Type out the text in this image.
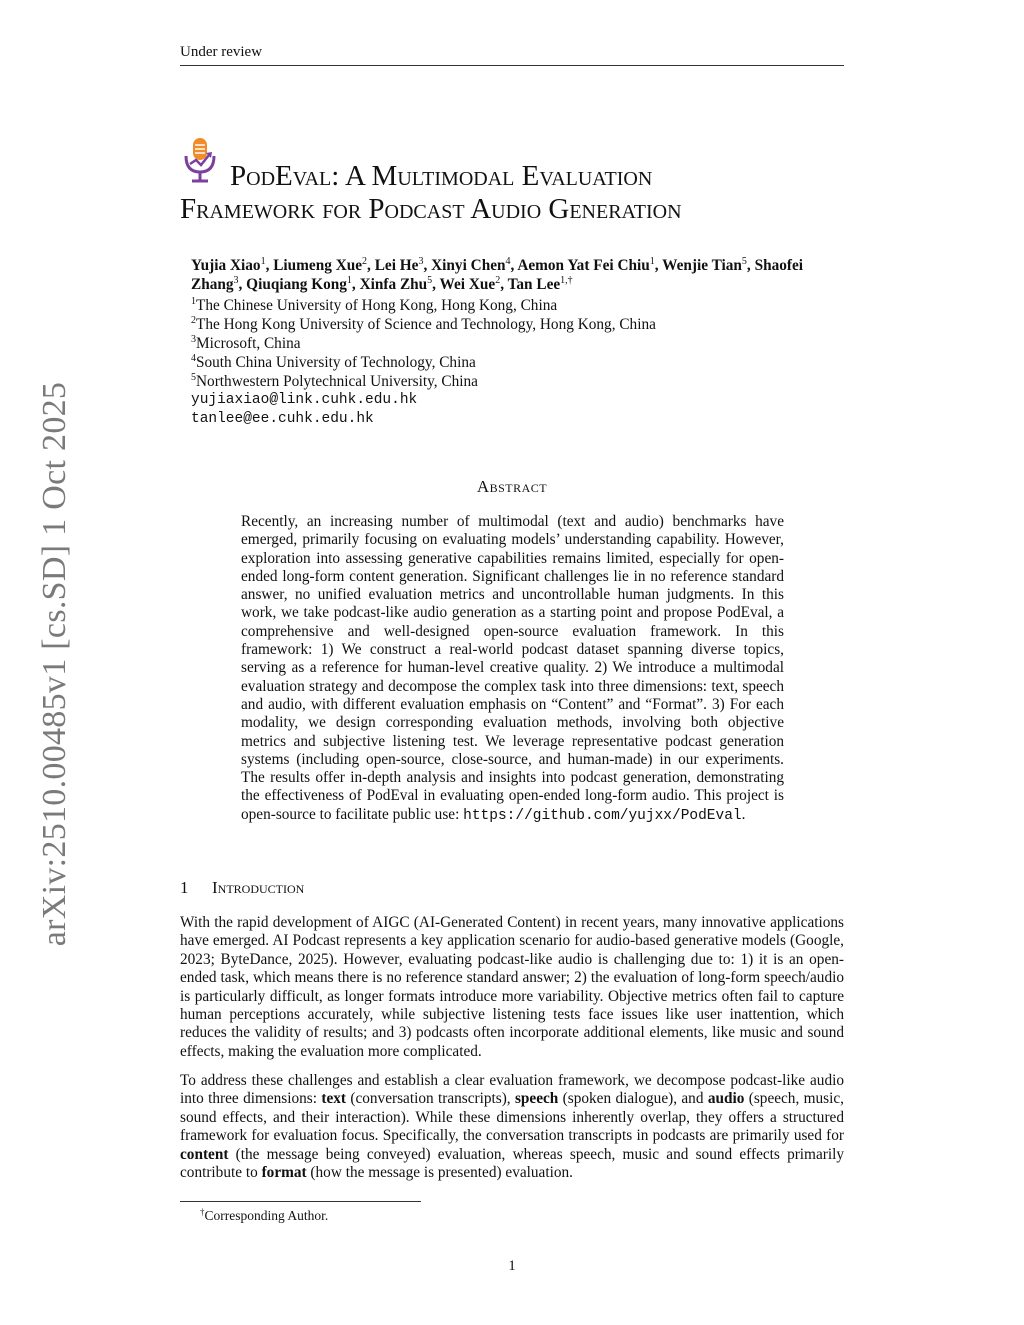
Under review
arXiv:2510.00485v1 [cs.SD] 1 Oct 2025
PodEval: A Multimodal Evaluation
Framework for Podcast Audio Generation
Yujia Xiao$^1$, Liumeng Xue$^2$, Lei He$^3$, Xinyi Chen$^4$, Aemon Yat Fei Chiu$^1$, Wenjie Tian$^5$, Shaofei Zhang$^3$, Qiuqiang Kong$^1$, Xinfa Zhu$^5$, Wei Xue$^2$, Tan Lee$^{1,\dagger}$
$^1$The Chinese University of Hong Kong, Hong Kong, China
$^2$The Hong Kong University of Science and Technology, Hong Kong, China
$^3$Microsoft, China
$^4$South China University of Technology, China
$^5$Northwestern Polytechnical University, China
yujiaxiao@link.cuhk.edu.hk
tanlee@ee.cuhk.edu.hk
Abstract
Recently, an increasing number of multimodal (text and audio) benchmarks have emerged, primarily focusing on evaluating models’ understanding capability. However, exploration into assessing generative capabilities remains limited, especially for open-ended long-form content generation. Significant challenges lie in no reference standard answer, no unified evaluation metrics and uncontrollable human judgments. In this work, we take podcast-like audio generation as a starting point and propose PodEval, a comprehensive and well-designed open-source evaluation framework. In this framework: 1) We construct a real-world podcast dataset spanning diverse topics, serving as a reference for human-level creative quality. 2) We introduce a multimodal evaluation strategy and decompose the complex task into three dimensions: text, speech and audio, with different evaluation emphasis on “Content” and “Format”. 3) For each modality, we design corresponding evaluation methods, involving both objective metrics and subjective listening test. We leverage representative podcast generation systems (including open-source, close-source, and human-made) in our experiments. The results offer in-depth analysis and insights into podcast generation, demonstrating the effectiveness of PodEval in evaluating open-ended long-form audio. This project is open-source to facilitate public use: https://github.com/yujxx/PodEval.
1 Introduction
With the rapid development of AIGC (AI-Generated Content) in recent years, many innovative applications have emerged. AI Podcast represents a key application scenario for audio-based generative models (Google, 2023; ByteDance, 2025). However, evaluating podcast-like audio is challenging due to: 1) it is an open-ended task, which means there is no reference standard answer; 2) the evaluation of long-form speech/audio is particularly difficult, as longer formats introduce more variability. Objective metrics often fail to capture human perceptions accurately, while subjective listening tests face issues like user inattention, which reduces the validity of results; and 3) podcasts often incorporate additional elements, like music and sound effects, making the evaluation more complicated.
To address these challenges and establish a clear evaluation framework, we decompose podcast-like audio into three dimensions: text (conversation transcripts), speech (spoken dialogue), and audio (speech, music, sound effects, and their interaction). While these dimensions inherently overlap, they offers a structured framework for evaluation focus. Specifically, the conversation transcripts in podcasts are primarily used for content (the message being conveyed) evaluation, whereas speech, music and sound effects primarily contribute to format (how the message is presented) evaluation.
†Corresponding Author.
1
